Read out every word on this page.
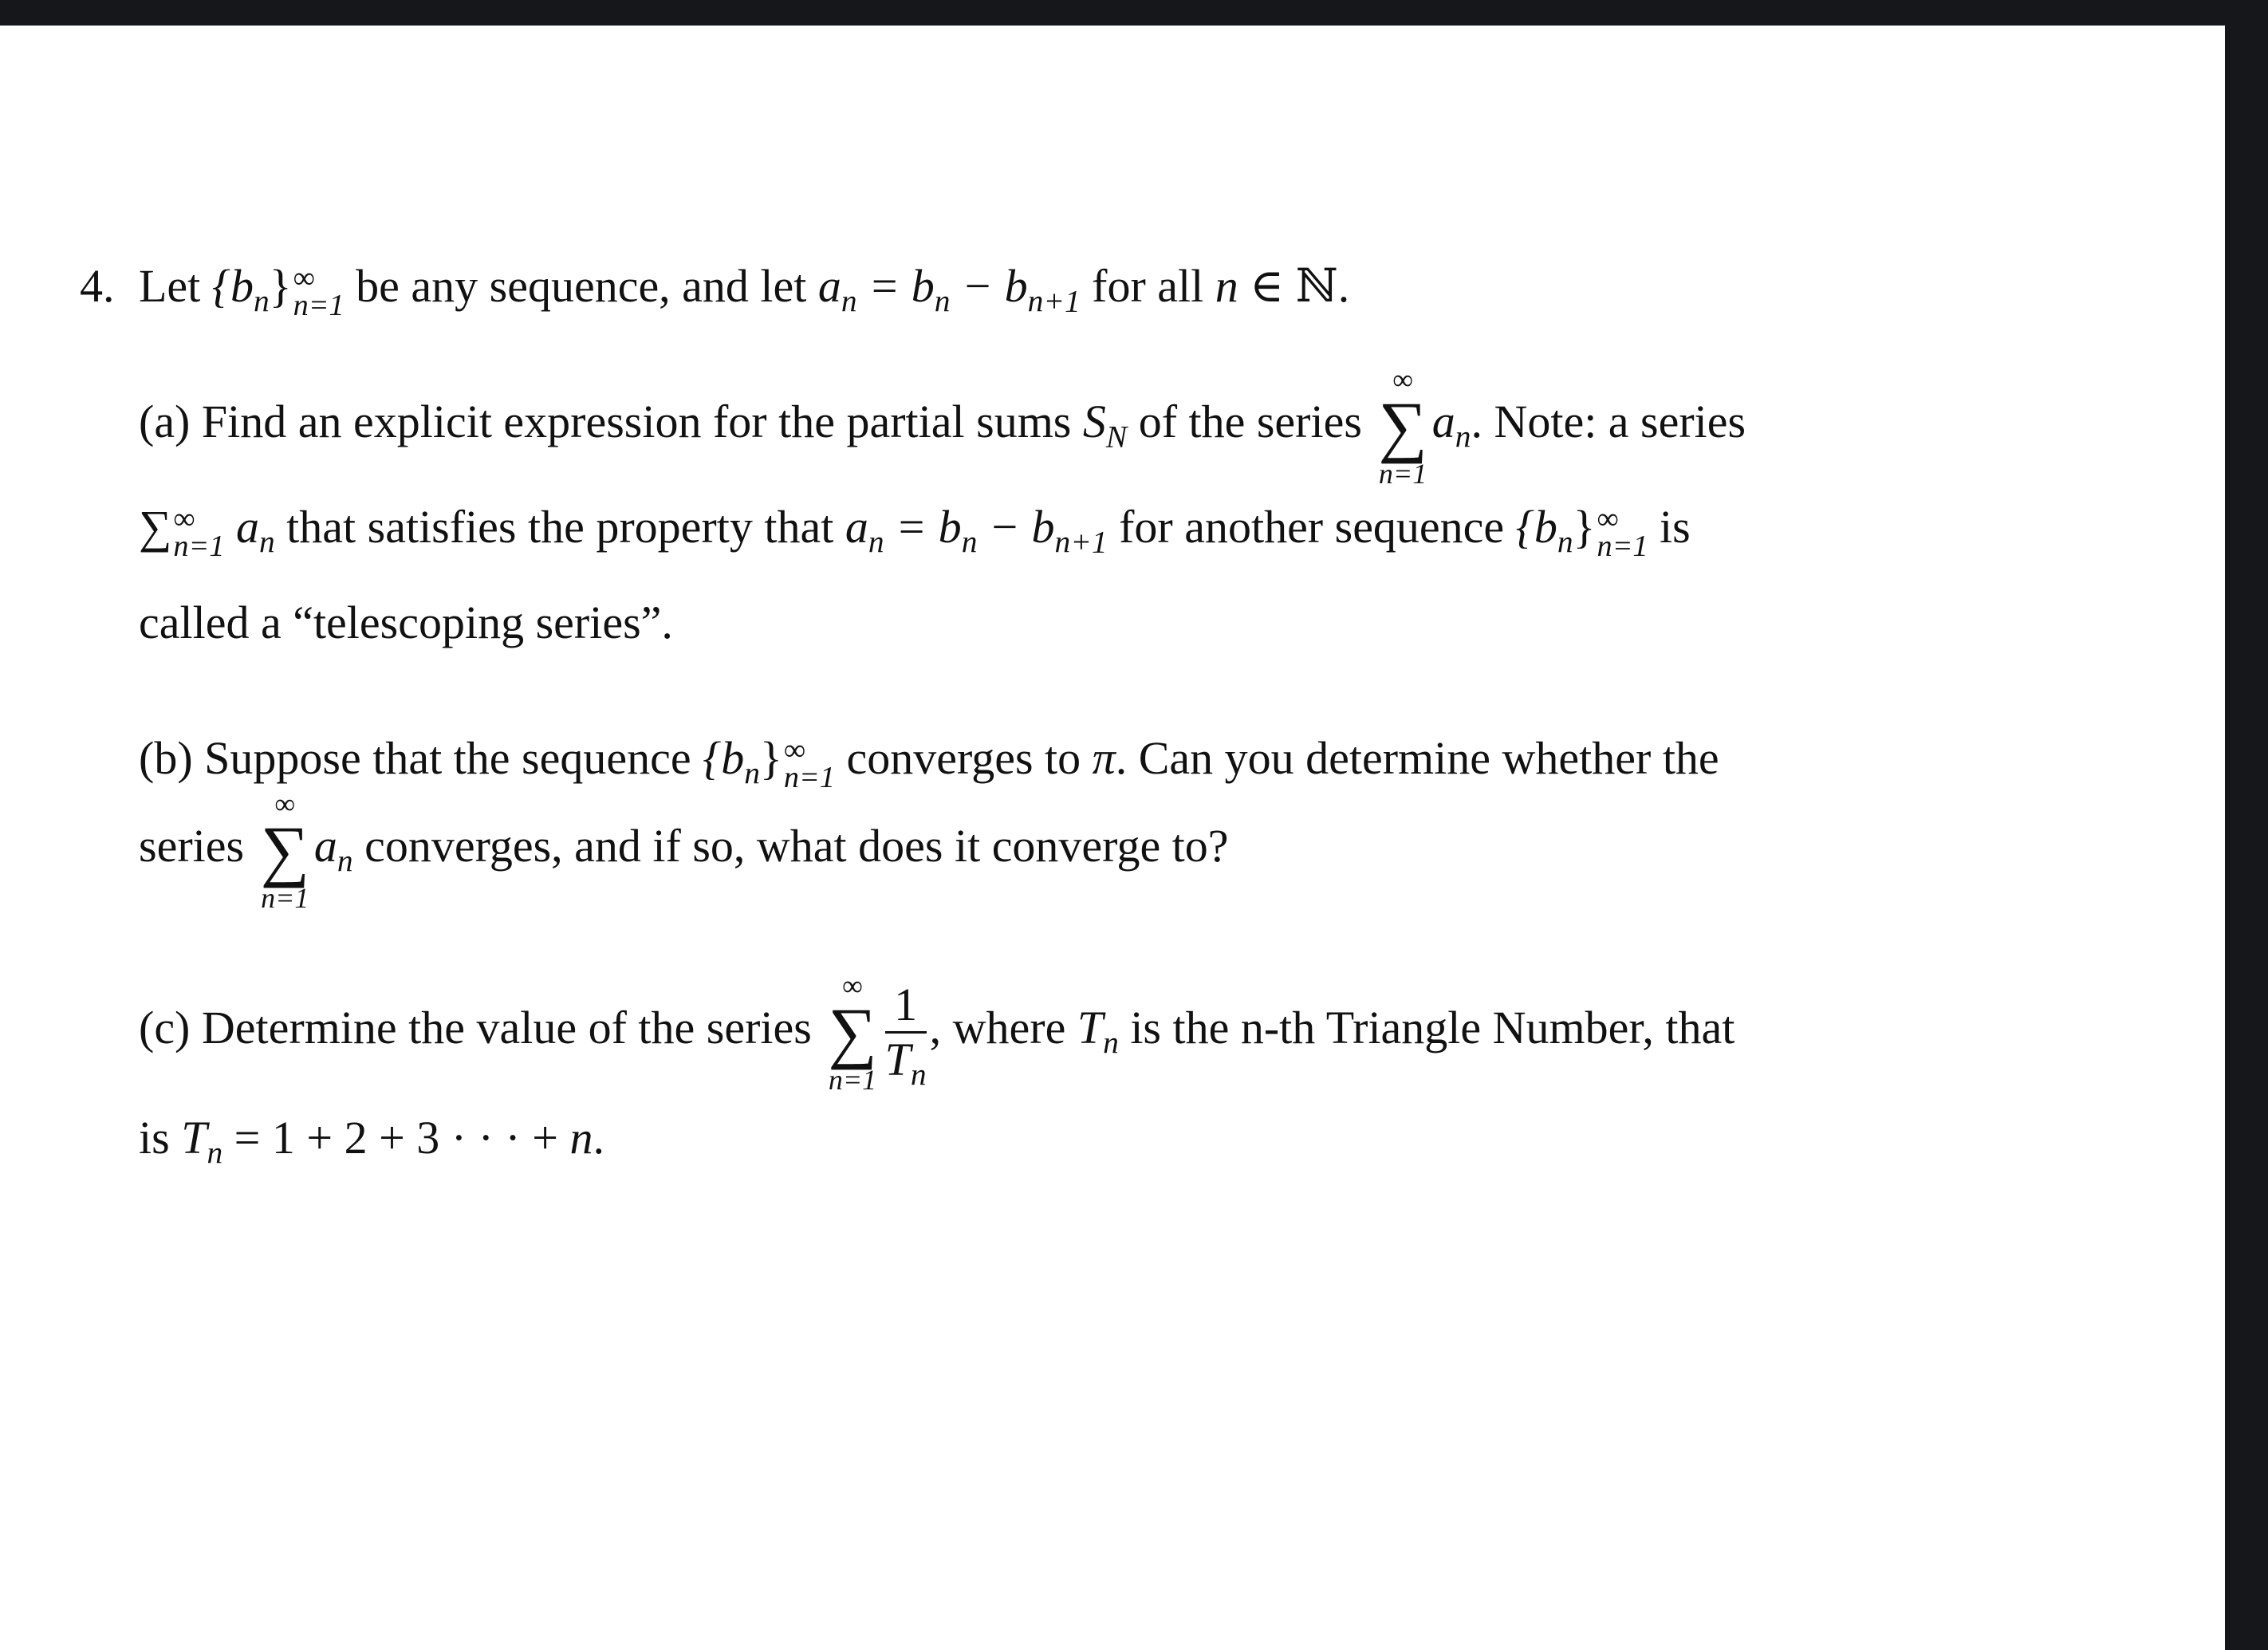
4. Let $\{b_n\}$ ∞
n=1 be any sequence, and let $a_n = b_n - b_{n+1}$ for all n ∈ ℕ.
(a) Find an explicit expression for the partial sums $S_N$ of the series
∞
∑
n=1
$a_n$. Note: a series
∑ ∞
n=1 $a_n$ that satisfies the property that $a_n = b_n - b_{n+1}$ for another sequence $\{b_n\}$ ∞
n=1 is
called a “telescoping series”.
(b) Suppose that the sequence $\{b_n\}$ ∞
n=1 converges to π. Can you determine whether the
series
∞
∑
n=1
$a_n$ converges, and if so, what does it converge to?
(c) Determine the value of the series
∞
∑
$n=1 \frac{1}{T_n}$ , where $T_n$ is the n-th Triangle Number, that
is $T_n = 1 + 2 + 3$ · · · + n.
